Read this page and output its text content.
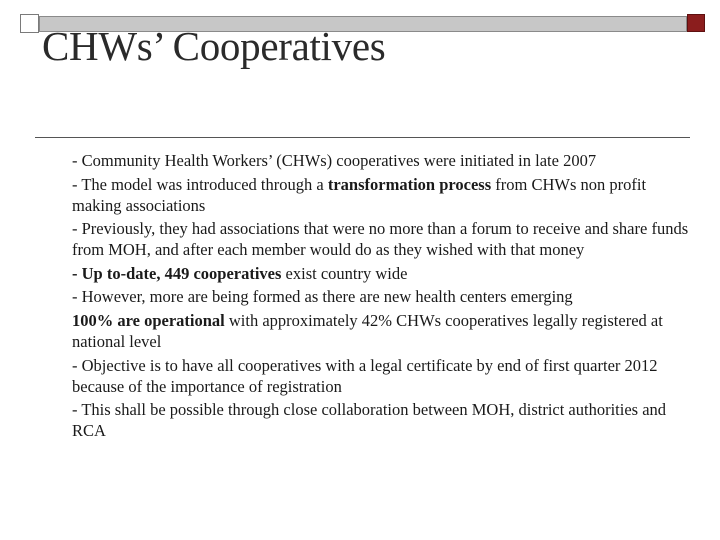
CHWs’ Cooperatives
- Community Health Workers’ (CHWs) cooperatives were initiated in late 2007
- The model was introduced through a transformation process from CHWs non profit making associations
- Previously, they had associations that were no more than a forum to receive and share funds from MOH, and after each member would do as they wished with that money
- Up to-date, 449 cooperatives exist country wide
- However, more are being formed as there are new health centers emerging
100% are operational with approximately 42% CHWs cooperatives legally registered at national level
- Objective is to have all cooperatives with a legal certificate by end of first quarter 2012 because of the importance of registration
- This shall be possible through close collaboration between MOH, district authorities and RCA
